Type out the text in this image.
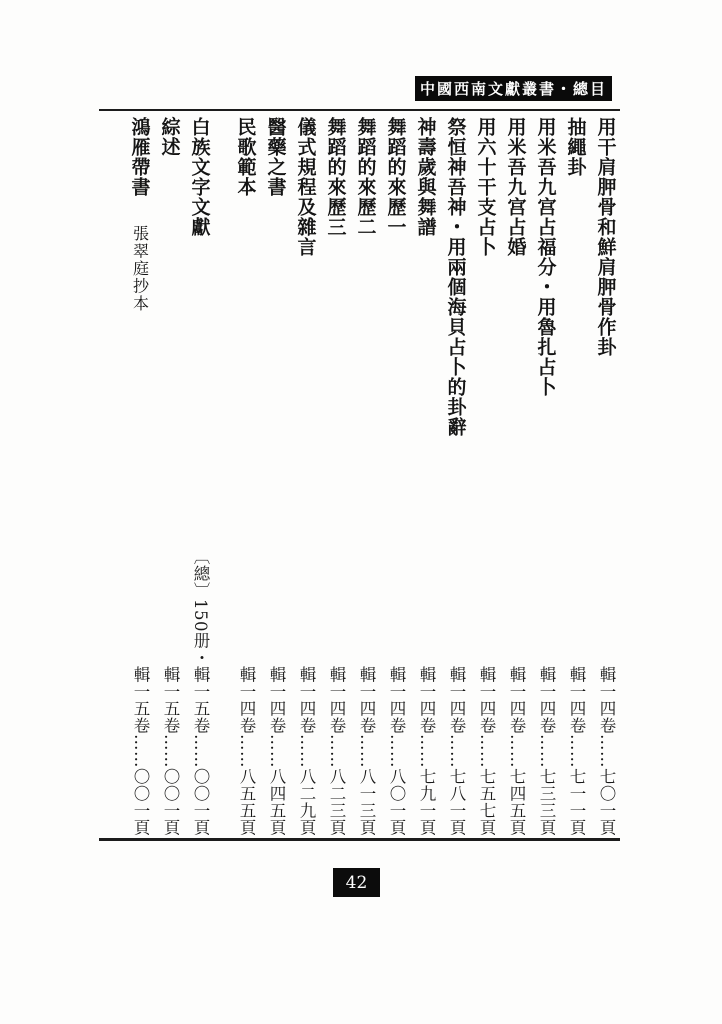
中國西南文獻叢書・總目
用干肩胛骨和鮮肩胛骨作卦
輯一四卷……七〇一頁
抽繩卦
輯一四卷……七一一頁
用米吾九宫占福分・用魯扎占卜
輯一四卷……七三三頁
用米吾九宫占婚
輯一四卷……七四五頁
用六十干支占卜
輯一四卷……七五七頁
祭恒神吾神・用兩個海貝占卜的卦辭
輯一四卷……七八一頁
神壽歲與舞譜
輯一四卷……七九一頁
舞蹈的來歷一
輯一四卷……八〇一頁
舞蹈的來歷二
輯一四卷……八一三頁
舞蹈的來歷三
輯一四卷……八二三頁
儀式規程及雜言
輯一四卷……八二九頁
醫藥之書
輯一四卷……八四五頁
民歌範本
輯一四卷……八五五頁
白族文字文獻
〔總〕150册・輯一五卷……〇〇一頁
綜述
輯一五卷……〇〇一頁
鴻雁帶書張翠庭抄本
輯一五卷……〇〇一頁
42
